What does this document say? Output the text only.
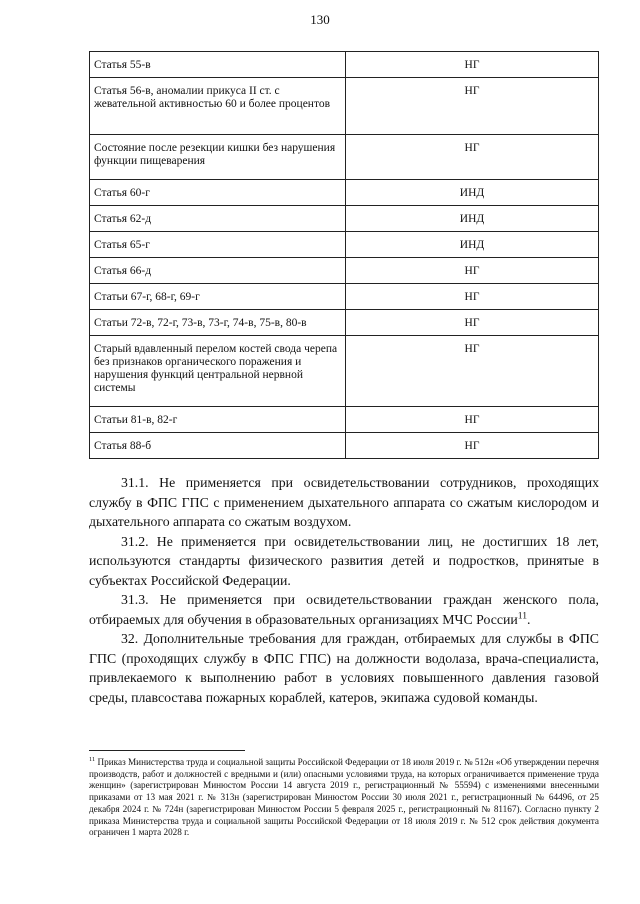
130
Статья 55-в	НГ
Статья 56-в, аномалии прикуса II ст. с жевательной активностью 60 и более процентов	НГ
Состояние после резекции кишки без нарушения функции пищеварения	НГ
Статья 60-г	ИНД
Статья 62-д	ИНД
Статья 65-г	ИНД
Статья 66-д	НГ
Статьи 67-г, 68-г, 69-г	НГ
Статьи 72-в, 72-г, 73-в, 73-г, 74-в, 75-в, 80-в	НГ
Старый вдавленный перелом костей свода черепа без признаков органического поражения и нарушения функций центральной нервной системы	НГ
Статьи 81-в, 82-г	НГ
Статья 88-б	НГ

31.1. Не применяется при освидетельствовании сотрудников, проходящих службу в ФПС ГПС с применением дыхательного аппарата со сжатым кислородом и дыхательного аппарата со сжатым воздухом.

31.2. Не применяется при освидетельствовании лиц, не достигших 18 лет, используются стандарты физического развития детей и подростков, принятые в субъектах Российской Федерации.

31.3. Не применяется при освидетельствовании граждан женского пола, отбираемых для обучения в образовательных организациях МЧС России$^{11}$.

32. Дополнительные требования для граждан, отбираемых для службы в ФПС ГПС (проходящих службу в ФПС ГПС) на должности водолаза, врача-специалиста, привлекаемого к выполнению работ в условиях повышенного давления газовой среды, плавсостава пожарных кораблей, катеров, экипажа судовой команды.

$^{11}$ Приказ Министерства труда и социальной защиты Российской Федерации от 18 июля 2019 г. № 512н «Об утверждении перечня производств, работ и должностей с вредными и (или) опасными условиями труда, на которых ограничивается применение труда женщин» (зарегистрирован Минюстом России 14 августа 2019 г., регистрационный № 55594) с изменениями внесенными приказами от 13 мая 2021 г. № 313н (зарегистрирован Минюстом России 30 июля 2021 г., регистрационный № 64496, от 25 декабря 2024 г. № 724н (зарегистрирован Минюстом России 5 февраля 2025 г., регистрационный № 81167). Согласно пункту 2 приказа Министерства труда и социальной защиты Российской Федерации от 18 июля 2019 г. № 512 срок действия документа ограничен 1 марта 2028 г.
